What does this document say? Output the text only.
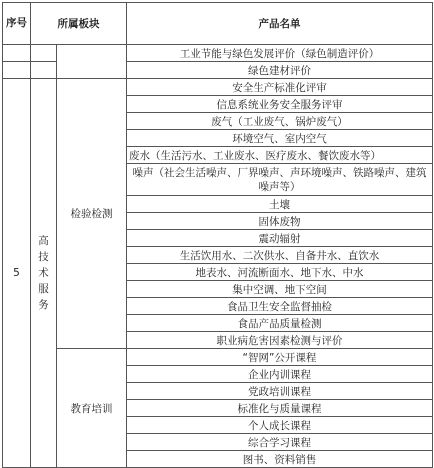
序号	所属板块		产品名单
			工业节能与绿色发展评价（绿色制造评价）
			绿色建材评价
5	高技术服务	检验检测	安全生产标准化评审
			信息系统业务安全服务评审
			废气（工业废气、锅炉废气）
			环境空气、室内空气
			废水（生活污水、工业废水、医疗废水、餐饮废水等）
			噪声（社会生活噪声、厂界噪声、声环境噪声、铁路噪声、建筑噪声等）
			土壤
			固体废物
			震动辐射
			生活饮用水、二次供水、自备井水、直饮水
			地表水、河流断面水、地下水、中水
			集中空调、地下空间
			食品卫生安全监督抽检
			食品产品质量检测
			职业病危害因素检测与评价
		教育培训	“智网”公开课程
			企业内训课程
			党政培训课程
			标准化与质量课程
			个人成长课程
			综合学习课程
			图书、资料销售
